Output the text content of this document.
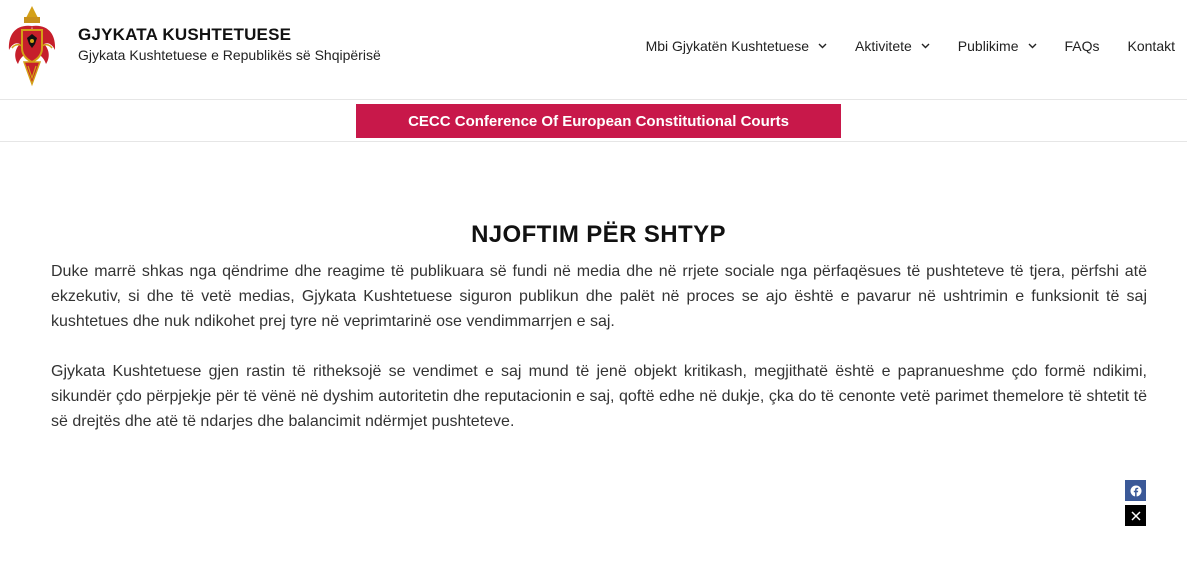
GJYKATA KUSHTETUESE
Gjykata Kushtetuese e Republikës së Shqipërisë
Mbi Gjykatën Kushtetuese	Aktivitete	Publikime	FAQs Kontakt
CECC Conference Of European Constitutional Courts
NJOFTIM PËR SHTYP

Duke marrë shkas nga qëndrime dhe reagime të publikuara së fundi në media dhe në rrjete sociale nga përfaqësues të pushteteve të tjera, përfshi atë ekzekutiv, si dhe të vetë medias, Gjykata Kushtetuese siguron publikun dhe palët në proces se ajo është e pavarur në ushtrimin e funksionit të saj kushtetues dhe nuk ndikohet prej tyre në veprimtarinë ose vendimmarrjen e saj.

Gjykata Kushtetuese gjen rastin të ritheksojë se vendimet e saj mund të jenë objekt kritikash, megjithatë është e papranueshme çdo formë ndikimi, sikundër çdo përpjekje për të vënë në dyshim autoritetin dhe reputacionin e saj, qoftë edhe në dukje, çka do të cenonte vetë parimet themelore të shtetit të së drejtës dhe atë të ndarjes dhe balancimit ndërmjet pushteteve.
